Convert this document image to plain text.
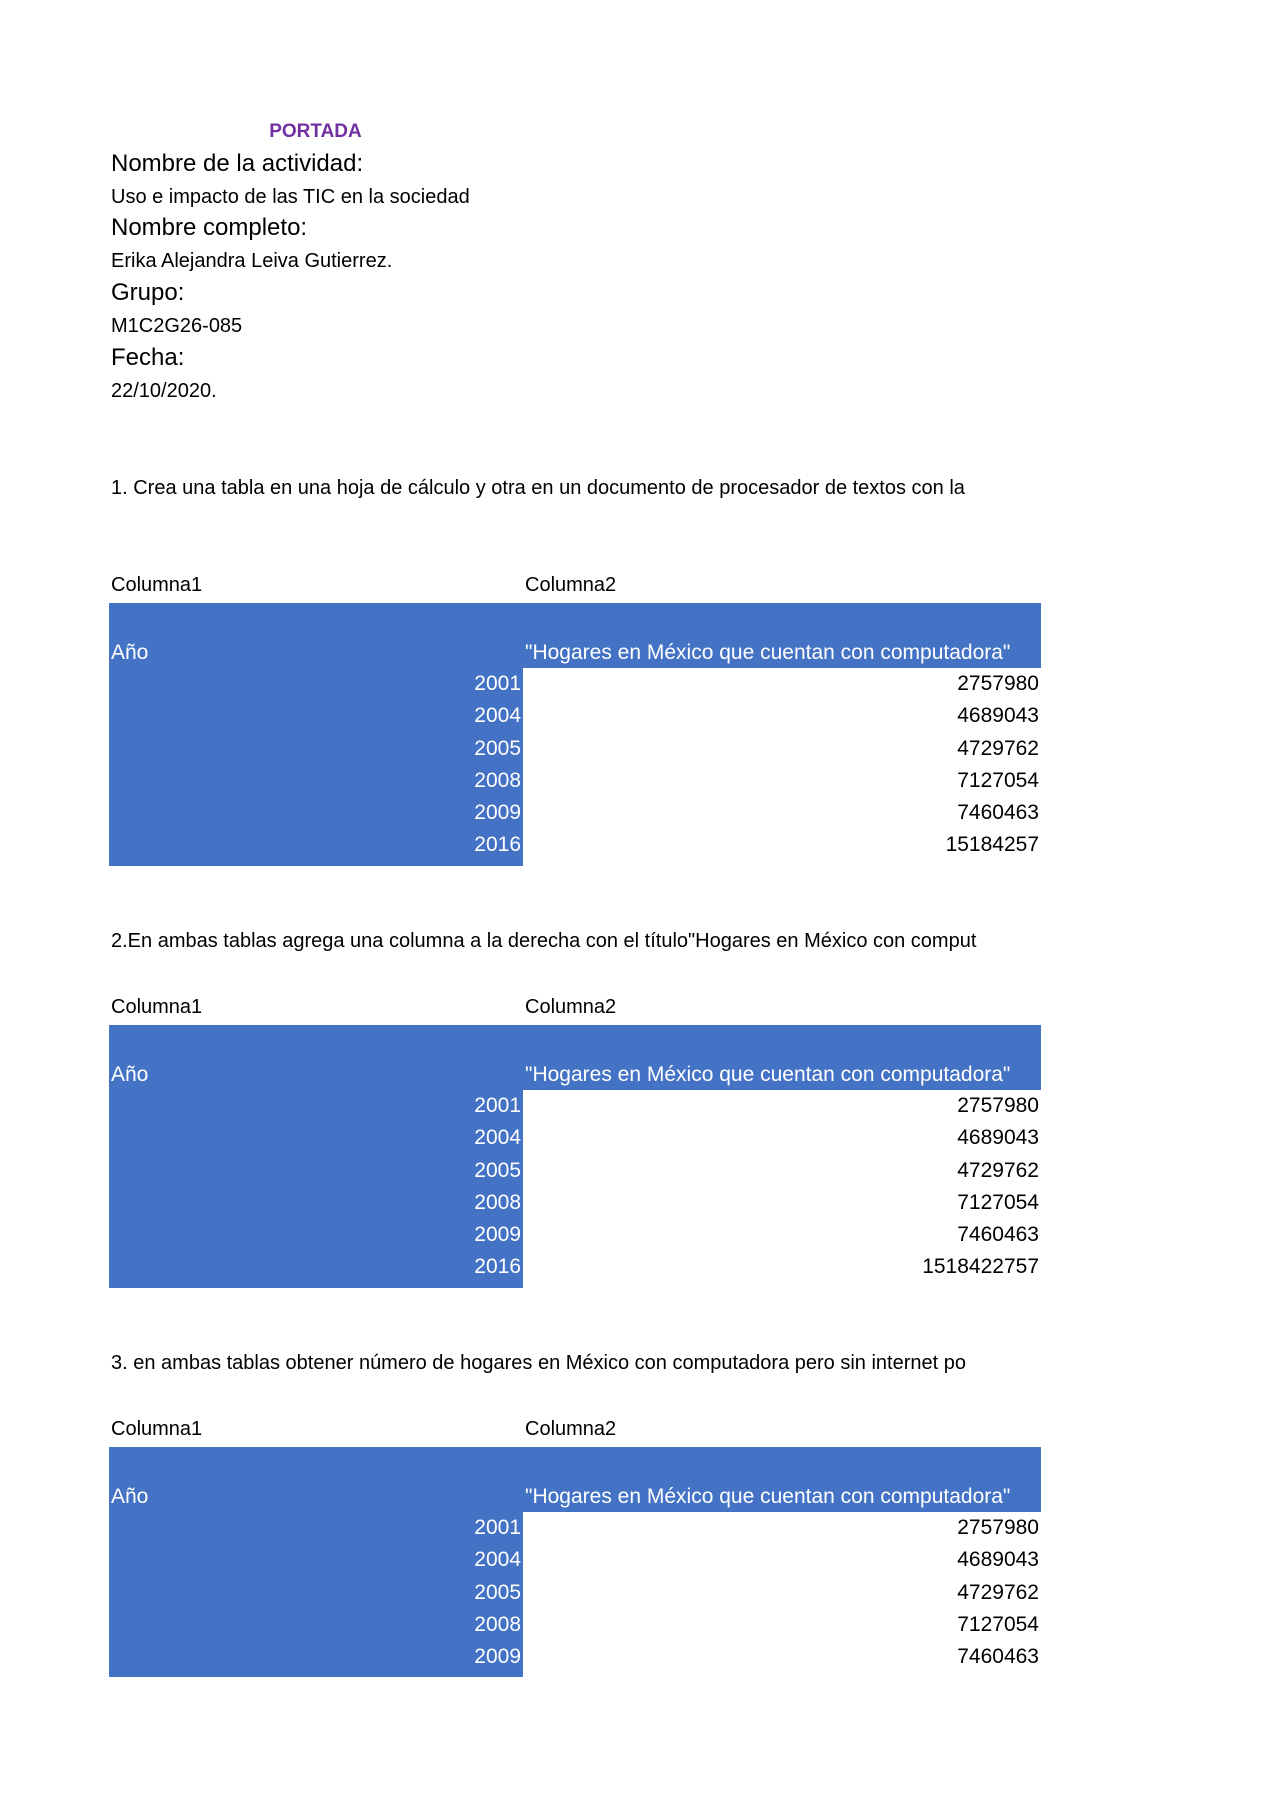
PORTADA
Nombre de la actividad:
Uso e impacto de las TIC en la sociedad
Nombre completo:
Erika Alejandra Leiva Gutierrez.
Grupo:
M1C2G26-085
Fecha:
22/10/2020.
1. Crea una tabla en una hoja de cálculo y otra en un documento de procesador de textos con la
Columna1	Columna2
Año	"Hogares en México que cuentan con computadora"
2001	2757980
2004	4689043
2005	4729762
2008	7127054
2009	7460463
2016	15184257
2.En ambas tablas agrega una columna a la derecha con el título"Hogares en México con comput
Columna1	Columna2
Año	"Hogares en México que cuentan con computadora"
2001	2757980
2004	4689043
2005	4729762
2008	7127054
2009	7460463
2016	1518422757
3. en ambas tablas obtener número de hogares en México con computadora pero sin internet po
Columna1	Columna2
Año	"Hogares en México que cuentan con computadora"
2001	2757980
2004	4689043
2005	4729762
2008	7127054
2009	7460463
